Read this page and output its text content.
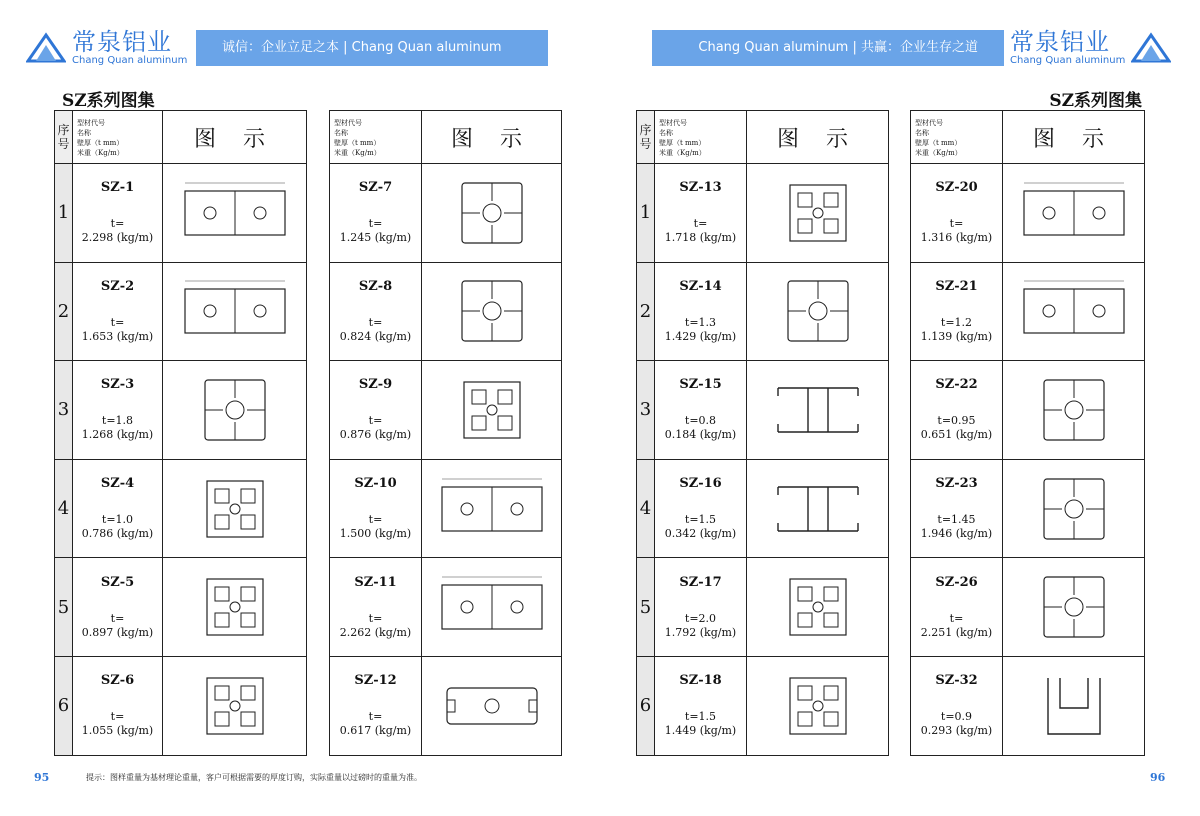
常泉铝业
Chang Quan aluminum
诚信：企业立足之本 | Chang Quan aluminum	Chang Quan aluminum | 共赢：企业生存之道	常泉铝业
Chang Quan aluminum
SZ系列图集	SZ系列图集
序号	型材代号
名称
壁厚（t mm）
米重（Kg/m）	图 示
1	SZ-1
t=
2.298 (kg/m)

2	SZ-2
t=
1.653 (kg/m)

3	SZ-3
t=1.8
1.268 (kg/m)

4	SZ-4
t=1.0
0.786 (kg/m)

5	SZ-5
t=
0.897 (kg/m)

6	SZ-6
t=
1.055 (kg/m)

型材代号
名称
壁厚（t mm）
米重（Kg/m）	图 示

SZ-7
t=
1.245 (kg/m)

SZ-8
t=
0.824 (kg/m)

SZ-9
t=
0.876 (kg/m)

SZ-10
t=
1.500 (kg/m)

SZ-11
t=
2.262 (kg/m)

SZ-12
t=
0.617 (kg/m)

序号	型材代号
名称
壁厚（t mm）
米重（Kg/m）	图 示
1	SZ-13
t=
1.718 (kg/m)

2	SZ-14
t=1.3
1.429 (kg/m)

3	SZ-15
t=0.8
0.184 (kg/m)

4	SZ-16
t=1.5
0.342 (kg/m)

5	SZ-17
t=2.0
1.792 (kg/m)

6	SZ-18
t=1.5
1.449 (kg/m)

型材代号
名称
壁厚（t mm）
米重（Kg/m）	图 示

SZ-20
t=
1.316 (kg/m)

SZ-21
t=1.2
1.139 (kg/m)

SZ-22
t=0.95
0.651 (kg/m)

SZ-23
t=1.45
1.946 (kg/m)

SZ-26
t=
2.251 (kg/m)

SZ-32
t=0.9
0.293 (kg/m)

95	提示：图样重量为基材理论重量，客户可根据需要的厚度订购，实际重量以过磅时的重量为准。	96
